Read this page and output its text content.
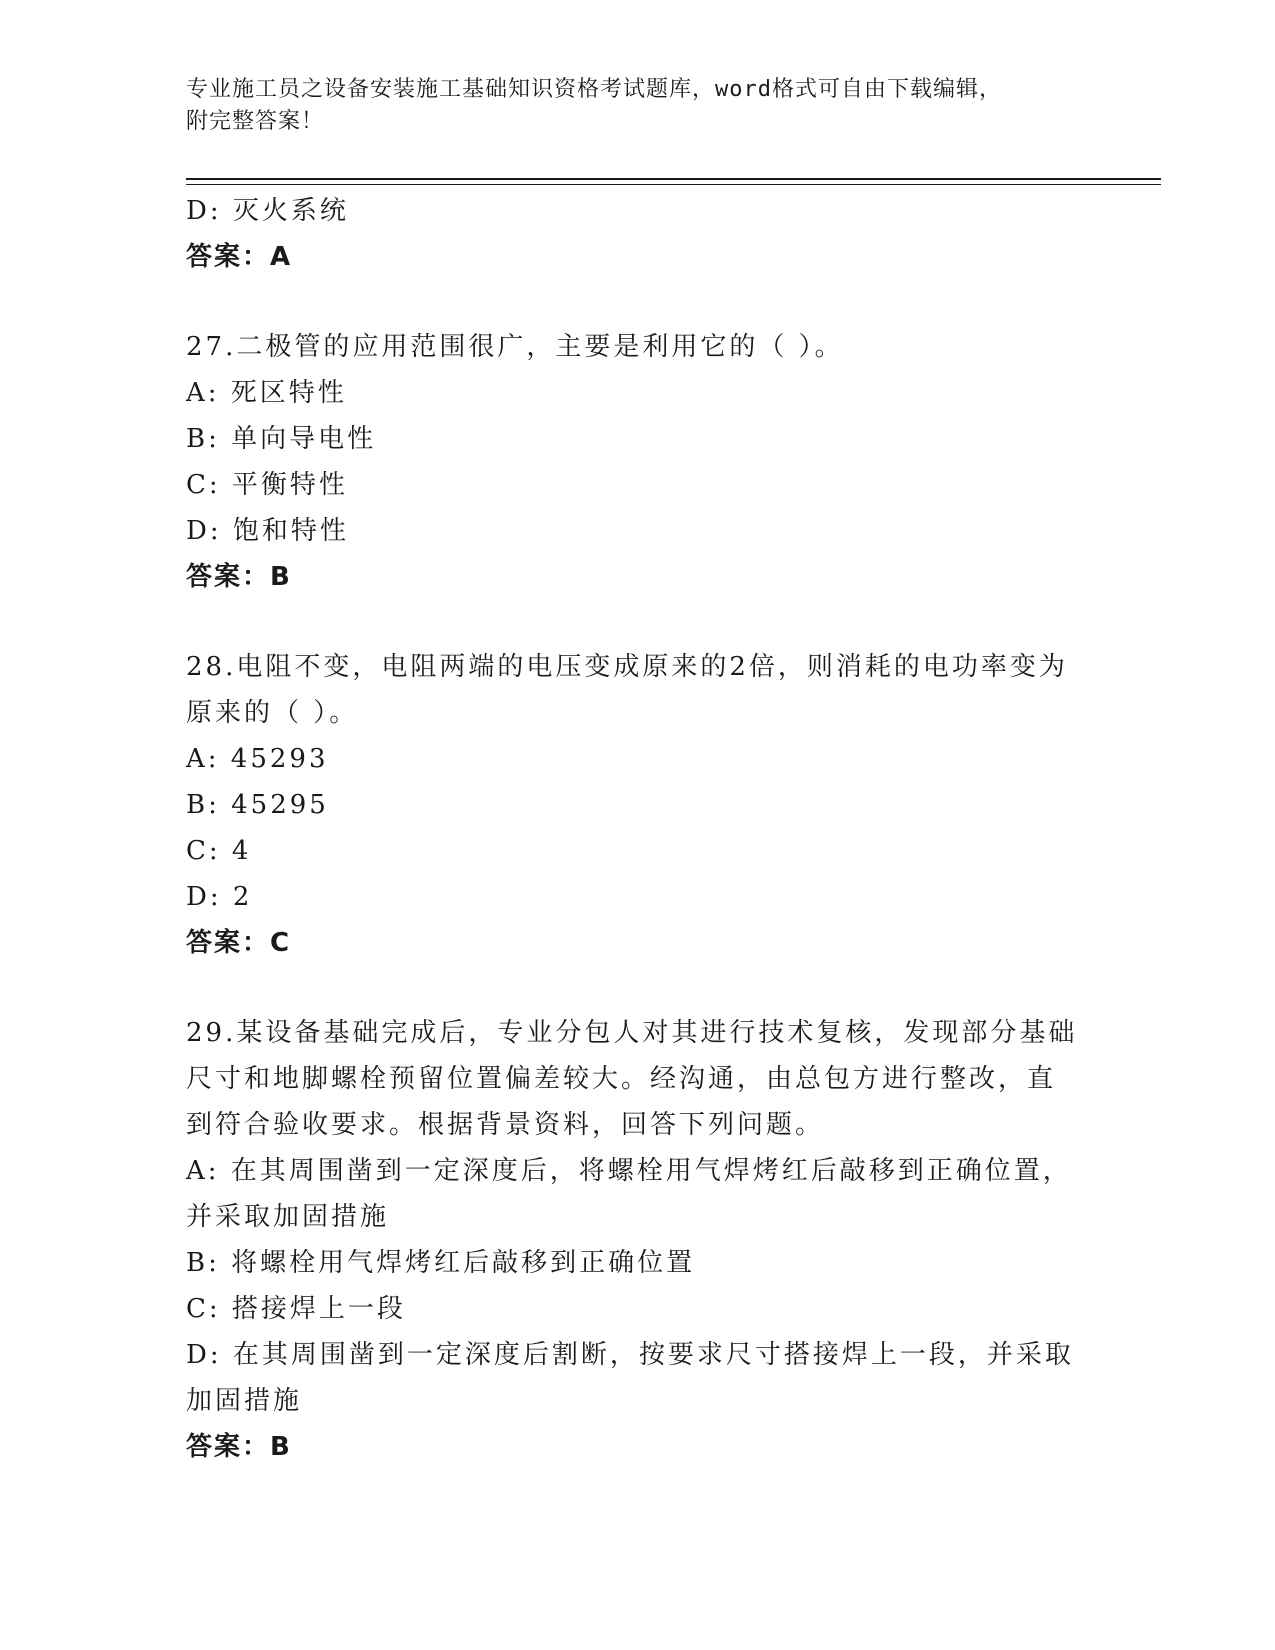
专业施工员之设备安装施工基础知识资格考试题库，word格式可自由下载编辑，
附完整答案！
D: 灭火系统
答案：A
27.二极管的应用范围很广，主要是利用它的（ ）。
A: 死区特性
B: 单向导电性
C: 平衡特性
D: 饱和特性
答案：B
28.电阻不变，电阻两端的电压变成原来的2倍，则消耗的电功率变为
原来的（ ）。
A: 45293
B: 45295
C: 4
D: 2
答案：C
29.某设备基础完成后，专业分包人对其进行技术复核，发现部分基础
尺寸和地脚螺栓预留位置偏差较大。经沟通，由总包方进行整改，直
到符合验收要求。根据背景资料，回答下列问题。
A: 在其周围凿到一定深度后，将螺栓用气焊烤红后敲移到正确位置，
并采取加固措施
B: 将螺栓用气焊烤红后敲移到正确位置
C: 搭接焊上一段
D: 在其周围凿到一定深度后割断，按要求尺寸搭接焊上一段，并采取
加固措施
答案：B
